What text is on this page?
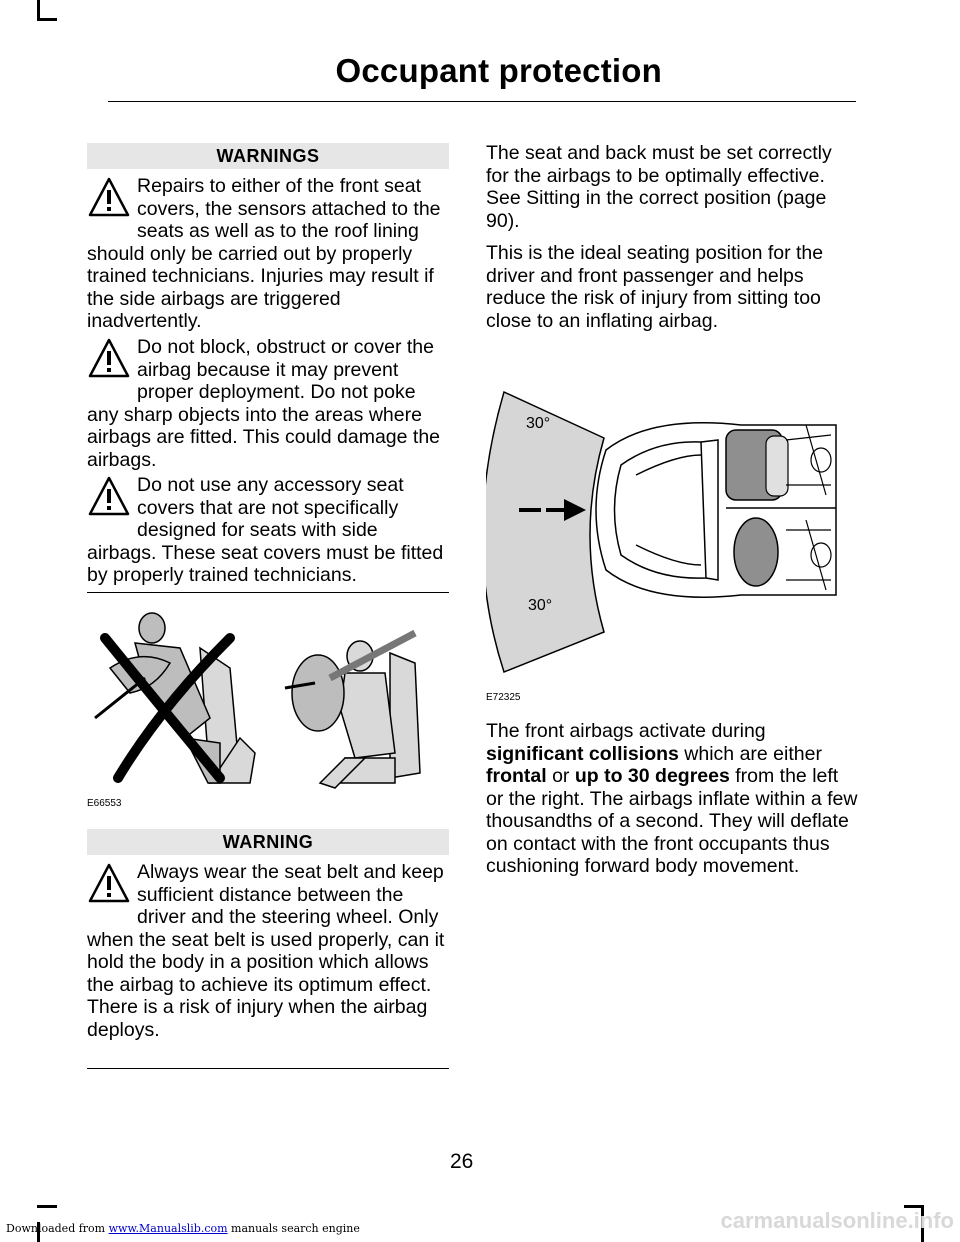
Occupant protection
WARNINGS

Repairs to either of the front seat covers, the sensors attached to the seats as well as to the roof lining should only be carried out by properly trained technicians. Injuries may result if the side airbags are triggered inadvertently.

Do not block, obstruct or cover the airbag because it may prevent proper deployment. Do not poke any sharp objects into the areas where airbags are fitted. This could damage the airbags.

Do not use any accessory seat covers that are not specifically designed for seats with side airbags. These seat covers must be fitted by properly trained technicians.

E66553
WARNING

Always wear the seat belt and keep sufficient distance between the driver and the steering wheel. Only when the seat belt is used properly, can it hold the body in a position which allows the airbag to achieve its optimum effect. There is a risk of injury when the airbag deploys.

The seat and back must be set correctly for the airbags to be optimally effective. See Sitting in the correct position (page 90).

This is the ideal seating position for the driver and front passenger and helps reduce the risk of injury from sitting too close to an inflating airbag.

30°
30°
E72325

The front airbags activate during significant collisions which are either frontal or up to 30 degrees from the left or the right. The airbags inflate within a few thousandths of a second. They will deflate on contact with the front occupants thus cushioning forward body movement.

26
Downloaded from www.Manualslib.com manuals search engine	carmanualsonline.info
